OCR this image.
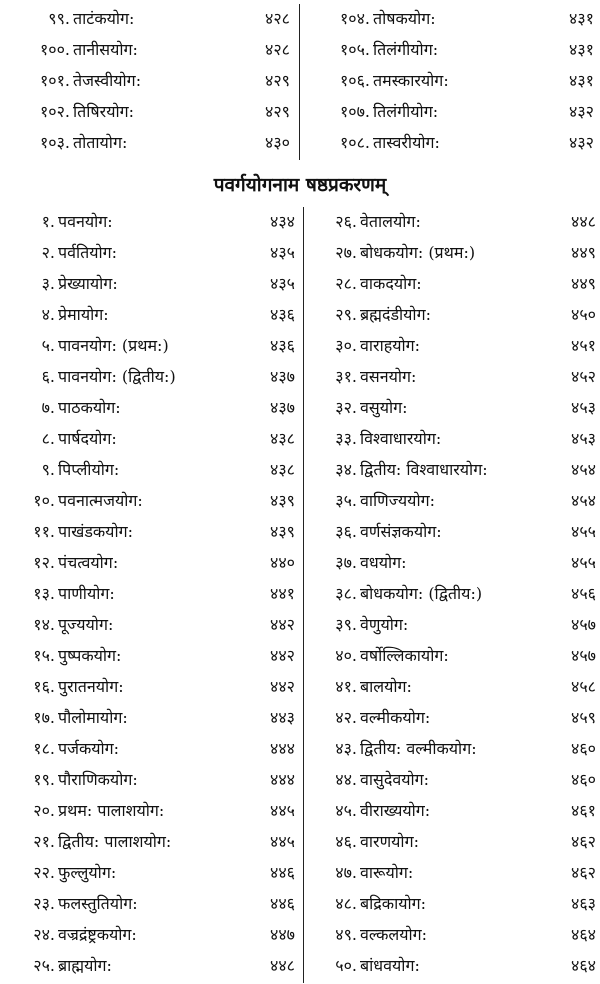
९९. ताटंकयोग:	४२८	१०४. तोषकयोग:	४३१
१००. तानीसयोग:	४२८	१०५. तिलंगीयोग:	४३१
१०१. तेजस्वीयोग:	४२९	१०६. तमस्कारयोग:	४३१
१०२. तिषिरयोग:	४२९	१०७. तिलंगीयोग:	४३२
१०३. तोतायोग:	४३०	१०८. तास्वरीयोग:	४३२
पवर्गयोगनाम षष्ठप्रकरणम्
१. पवनयोग:	४३४	२६. वेतालयोग:	४४८
२. पर्वतियोग:	४३५	२७. बोधकयोग: (प्रथम:)	४४९
३. प्रेख्यायोग:	४३५	२८. वाकदयोग:	४४९
४. प्रेमायोग:	४३६	२९. ब्रह्मदंडीयोग:	४५०
५. पावनयोग: (प्रथम:)	४३६	३०. वाराहयोग:	४५१
६. पावनयोग: (द्वितीय:)	४३७	३१. वसनयोग:	४५२
७. पाठकयोग:	४३७	३२. वसुयोग:	४५३
८. पार्षदयोग:	४३८	३३. विश्वाधारयोग:	४५३
९. पिप्लीयोग:	४३८	३४. द्वितीय: विश्वाधारयोग:	४५४
१०. पवनात्मजयोग:	४३९	३५. वाणिज्ययोग:	४५४
११. पाखंडकयोग:	४३९	३६. वर्णसंज्ञकयोग:	४५५
१२. पंचत्वयोग:	४४०	३७. वधयोग:	४५५
१३. पाणीयोग:	४४१	३८. बोधकयोग: (द्वितीय:)	४५६
१४. पूज्ययोग:	४४२	३९. वेणुयोग:	४५७
१५. पुष्पकयोग:	४४२	४०. वर्षोल्लिकायोग:	४५७
१६. पुरातनयोग:	४४२	४१. बालयोग:	४५८
१७. पौलोमायोग:	४४३	४२. वल्मीकयोग:	४५९
१८. पर्जकयोग:	४४४	४३. द्वितीय: वल्मीकयोग:	४६०
१९. पौराणिकयोग:	४४४	४४. वासुदेवयोग:	४६०
२०. प्रथम: पालाशयोग:	४४५	४५. वीराख्ययोग:	४६१
२१. द्वितीय: पालाशयोग:	४४५	४६. वारणयोग:	४६२
२२. फुल्लुयोग:	४४६	४७. वारूयोग:	४६२
२३. फलस्तुतियोग:	४४६	४८. बद्रिकायोग:	४६३
२४. वज्रद्रंष्ट्रकयोग:	४४७	४९. वल्कलयोग:	४६४
२५. ब्राह्मयोग:	४४८	५०. बांधवयोग:	४६४
